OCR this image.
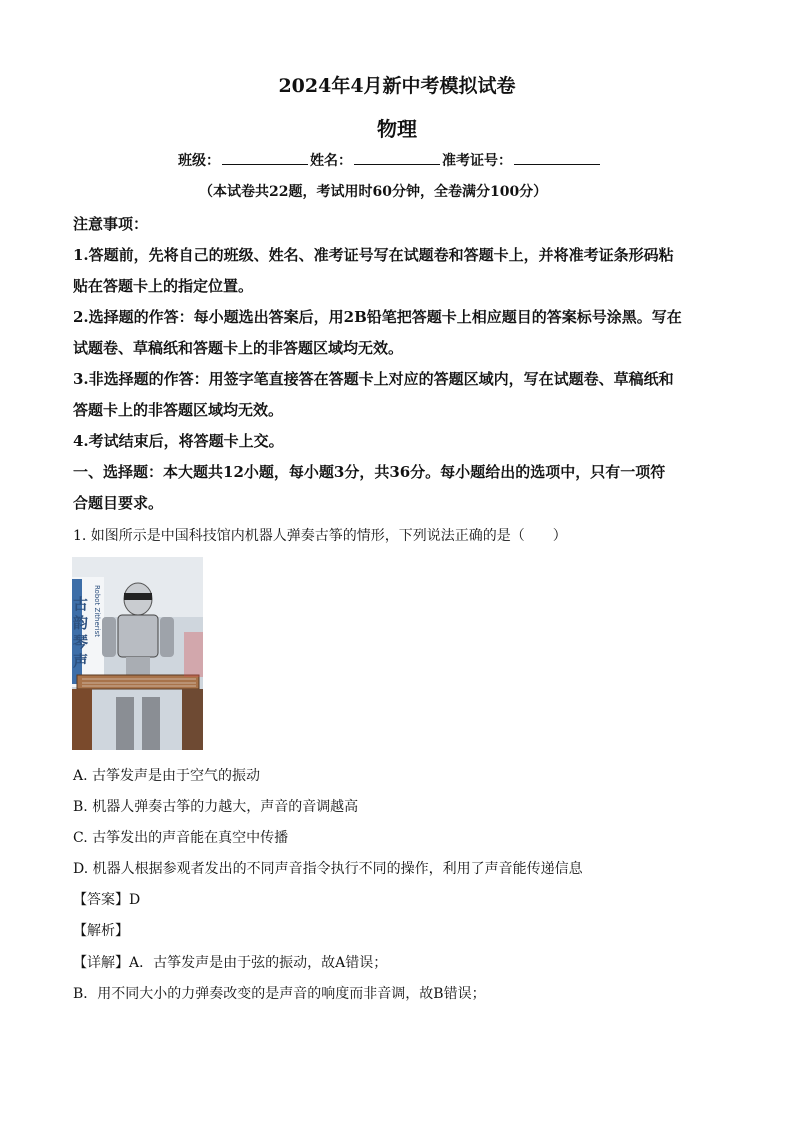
2024年4月新中考模拟试卷
物理
班级：	姓名：	准考证号：
（本试卷共22题，考试用时60分钟，全卷满分100分）
注意事项：
1.答题前，先将自己的班级、姓名、准考证号写在试题卷和答题卡上，并将准考证条形码粘
贴在答题卡上的指定位置。
2.选择题的作答：每小题选出答案后，用2B铅笔把答题卡上相应题目的答案标号涂黑。写在
试题卷、草稿纸和答题卡上的非答题区域均无效。
3.非选择题的作答：用签字笔直接答在答题卡上对应的答题区域内，写在试题卷、草稿纸和
答题卡上的非答题区域均无效。
4.考试结束后，将答题卡上交。
一、选择题：本大题共12小题，每小题3分，共36分。每小题给出的选项中，只有一项符
合题目要求。
1. 如图所示是中国科技馆内机器人弹奏古筝的情形，下列说法正确的是（　　）
古
韵
琴
声
Robot Zitherist
A. 古筝发声是由于空气的振动
B. 机器人弹奏古筝的力越大，声音的音调越高
C. 古筝发出的声音能在真空中传播
D. 机器人根据参观者发出的不同声音指令执行不同的操作，利用了声音能传递信息
【答案】D
【解析】
【详解】A．古筝发声是由于弦的振动，故A错误；
B．用不同大小的力弹奏改变的是声音的响度而非音调，故B错误；
